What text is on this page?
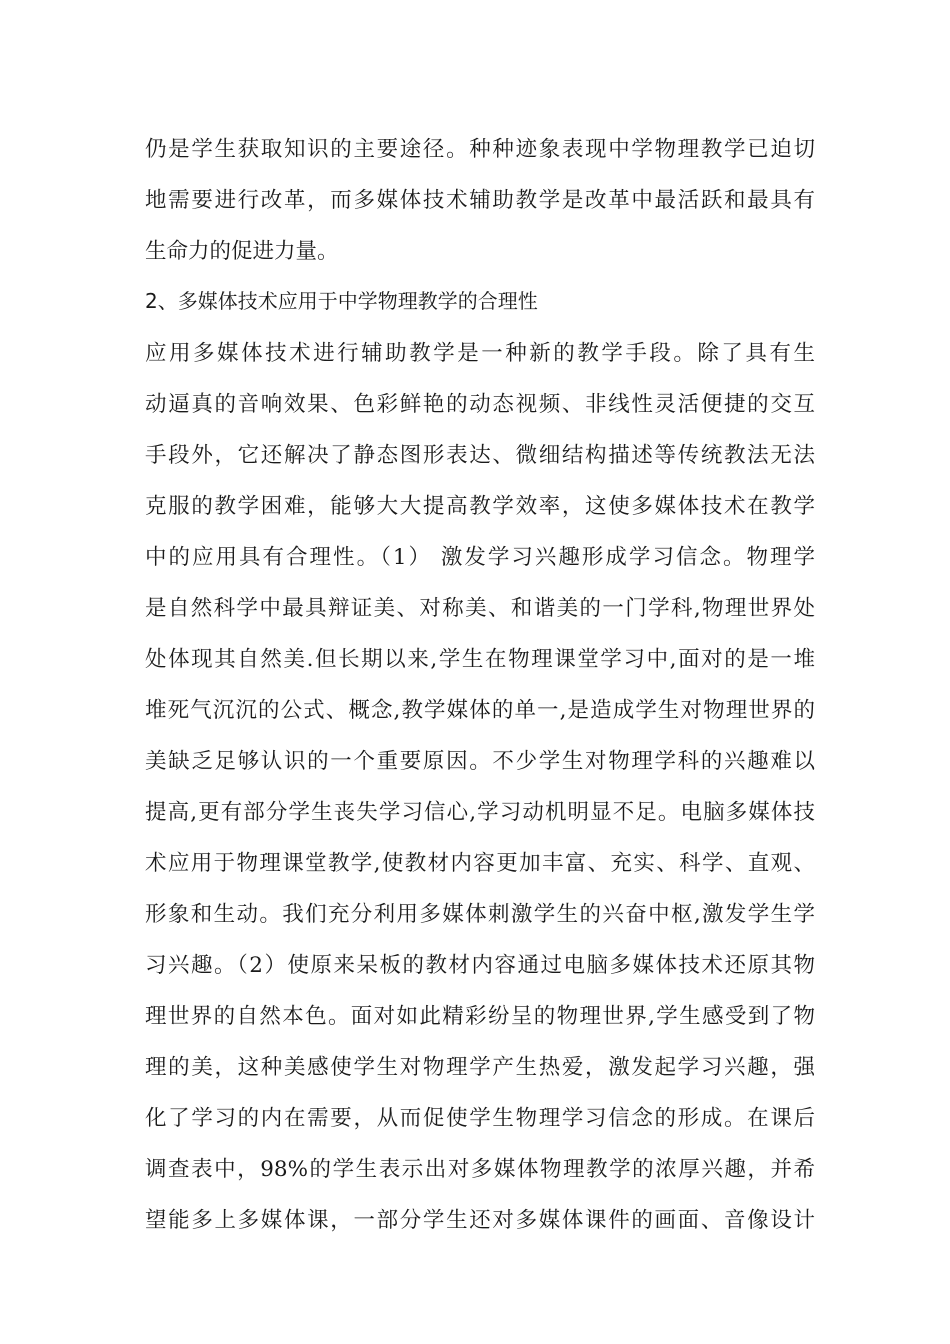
仍是学生获取知识的主要途径。种种迹象表现中学物理教学已迫切
地需要进行改革，而多媒体技术辅助教学是改革中最活跃和最具有
生命力的促进力量。
2、多媒体技术应用于中学物理教学的合理性
应用多媒体技术进行辅助教学是一种新的教学手段。除了具有生
动逼真的音响效果、色彩鲜艳的动态视频、非线性灵活便捷的交互
手段外，它还解决了静态图形表达、微细结构描述等传统教法无法
克服的教学困难，能够大大提高教学效率，这使多媒体技术在教学
中的应用具有合理性。（1） 激发学习兴趣形成学习信念。物理学
是自然科学中最具辩证美、对称美、和谐美的一门学科,物理世界处
处体现其自然美.但长期以来,学生在物理课堂学习中,面对的是一堆
堆死气沉沉的公式、概念,教学媒体的单一,是造成学生对物理世界的
美缺乏足够认识的一个重要原因。不少学生对物理学科的兴趣难以
提高,更有部分学生丧失学习信心,学习动机明显不足。电脑多媒体技
术应用于物理课堂教学,使教材内容更加丰富、充实、科学、直观、
形象和生动。我们充分利用多媒体刺激学生的兴奋中枢,激发学生学
习兴趣。（2）使原来呆板的教材内容通过电脑多媒体技术还原其物
理世界的自然本色。面对如此精彩纷呈的物理世界,学生感受到了物
理的美，这种美感使学生对物理学产生热爱，激发起学习兴趣，强
化了学习的内在需要，从而促使学生物理学习信念的形成。在课后
调查表中，98%的学生表示出对多媒体物理教学的浓厚兴趣，并希
望能多上多媒体课，一部分学生还对多媒体课件的画面、音像设计
